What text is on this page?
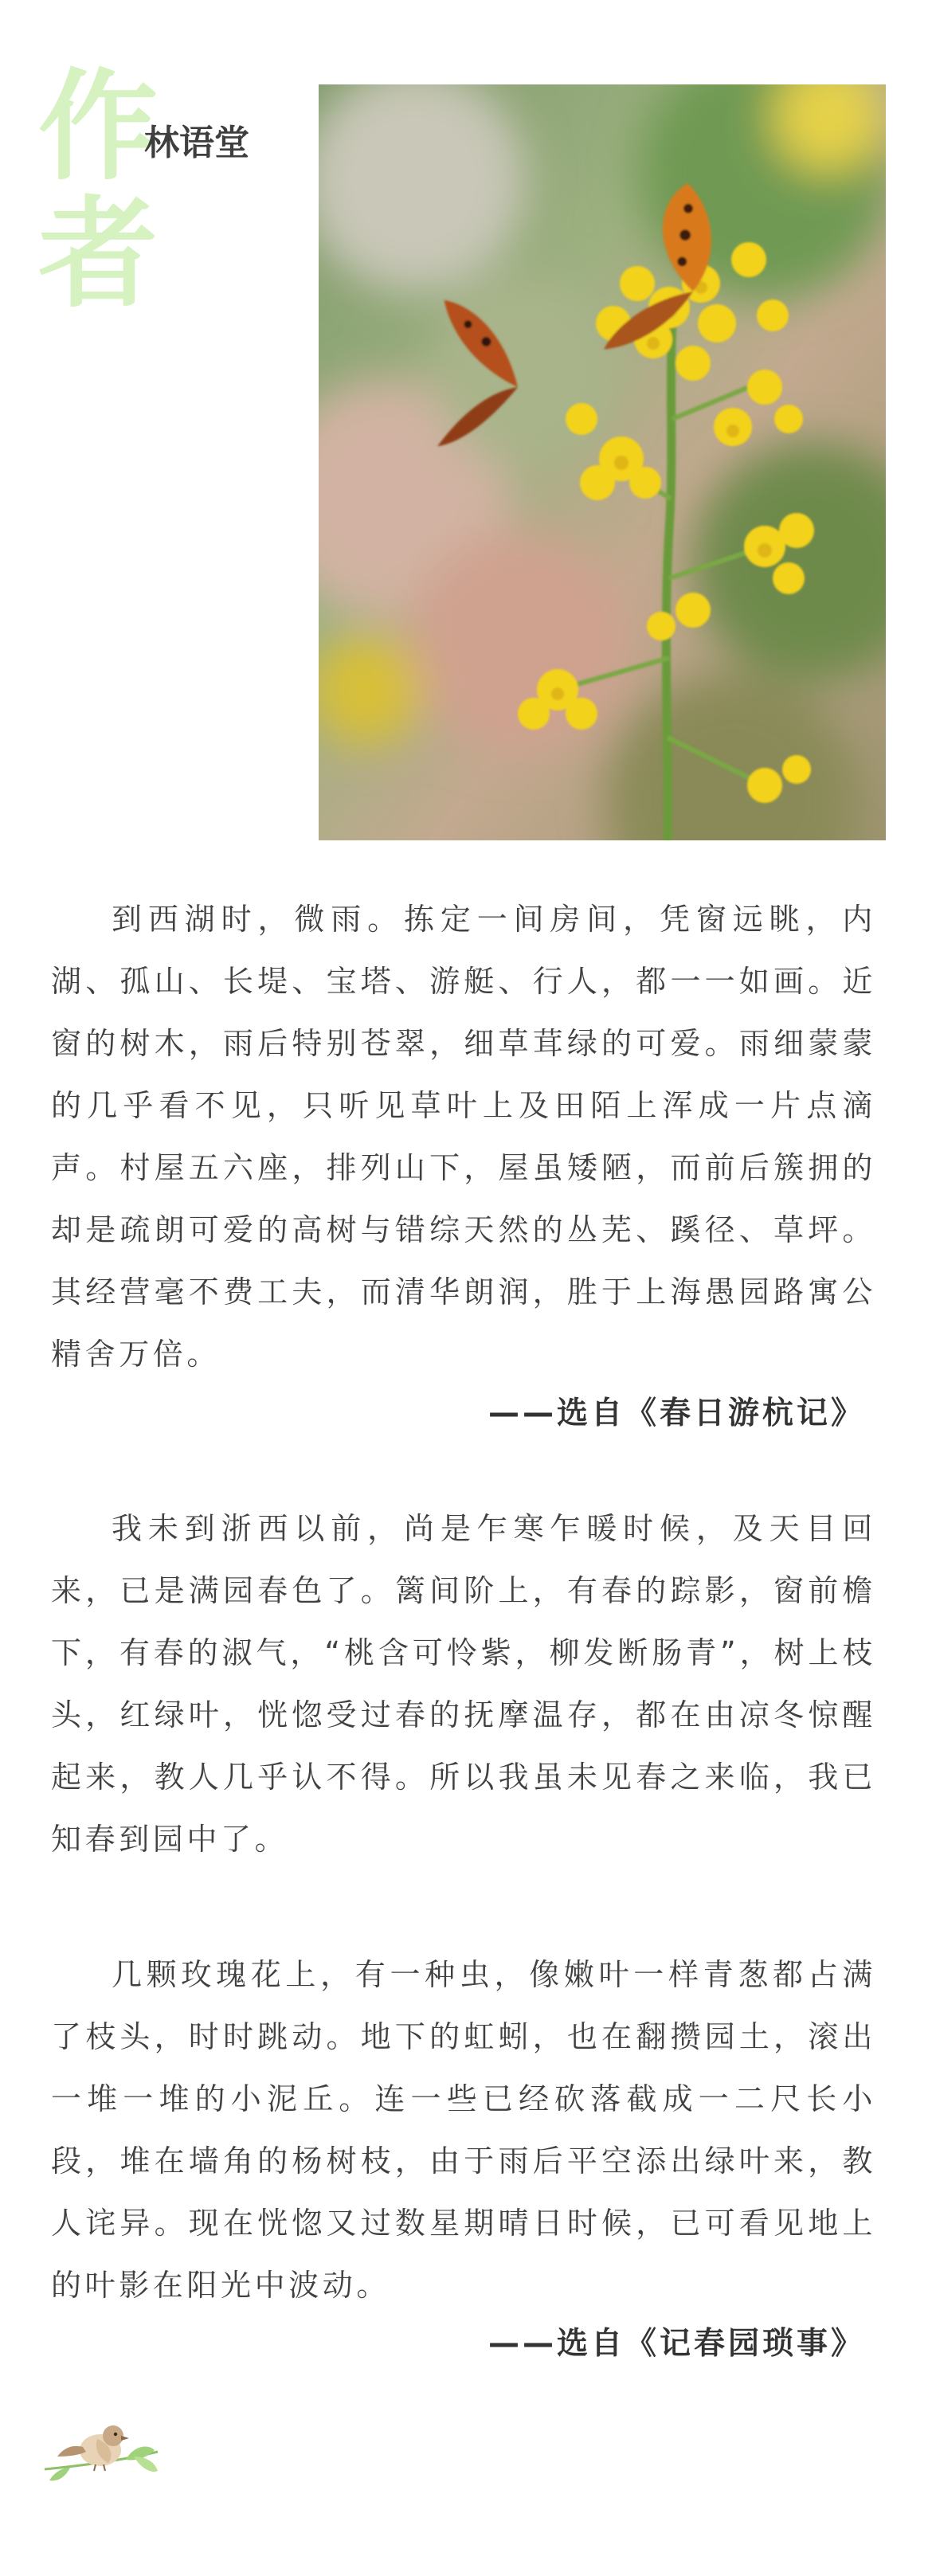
作者
林语堂
到西湖时，微雨。拣定一间房间，凭窗远眺，内湖、孤山、长堤、宝塔、游艇、行人，都一一如画。近窗的树木，雨后特别苍翠，细草茸绿的可爱。雨细蒙蒙的几乎看不见，只听见草叶上及田陌上浑成一片点滴声。村屋五六座，排列山下，屋虽矮陋，而前后簇拥的却是疏朗可爱的高树与错综天然的丛芜、蹊径、草坪。其经营毫不费工夫，而清华朗润，胜于上海愚园路寓公精舍万倍。
——选自《春日游杭记》
我未到浙西以前，尚是乍寒乍暖时候，及天目回来，已是满园春色了。篱间阶上，有春的踪影，窗前檐下，有春的淑气，“桃含可怜紫，柳发断肠青”，树上枝头，红绿叶，恍惚受过春的抚摩温存，都在由凉冬惊醒起来，教人几乎认不得。所以我虽未见春之来临，我已知春到园中了。
几颗玫瑰花上，有一种虫，像嫩叶一样青葱都占满了枝头，时时跳动。地下的虹蚓，也在翻攒园土，滚出一堆一堆的小泥丘。连一些已经砍落截成一二尺长小段，堆在墙角的杨树枝，由于雨后平空添出绿叶来，教人诧异。现在恍惚又过数星期晴日时候，已可看见地上的叶影在阳光中波动。
——选自《记春园琐事》
